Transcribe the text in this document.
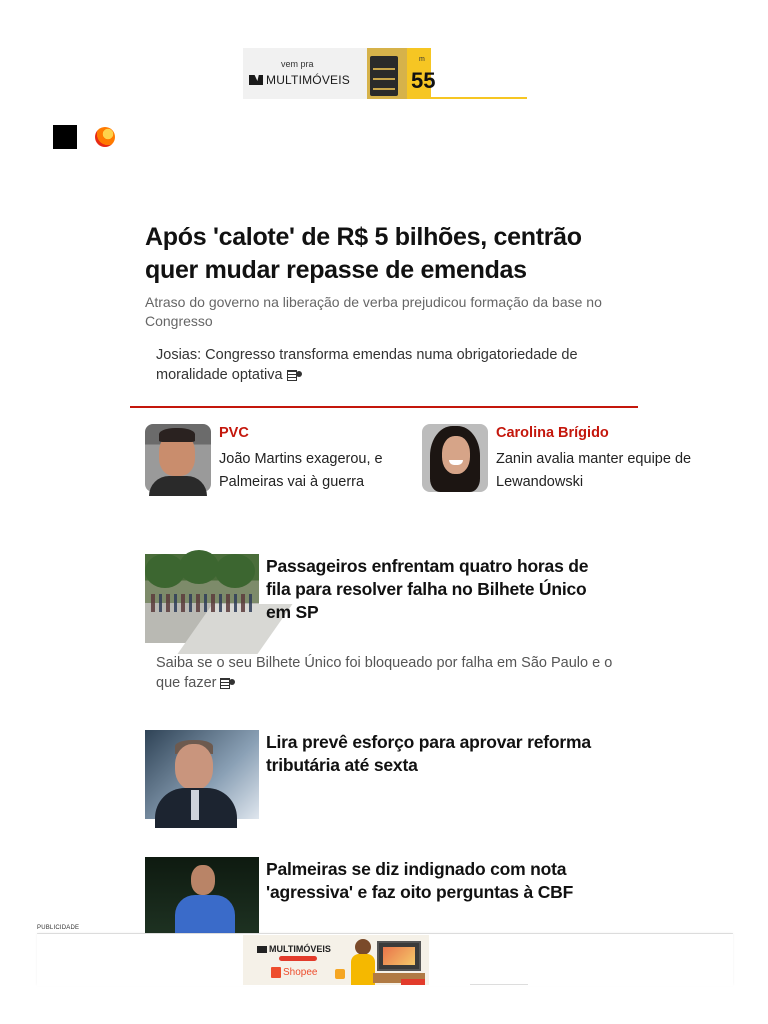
vem pra
MULTIMÓVEIS
m
55
Após 'calote' de R$ 5 bilhões, centrão quer mudar repasse de emendas

Atraso do governo na liberação de verba prejudicou formação da base no Congresso

Josias: Congresso transforma emendas numa obrigatoriedade de moralidade optativa

PVC
João Martins exagerou, e Palmeiras vai à guerra
Carolina Brígido
Zanin avalia manter equipe de Lewandowski
Passageiros enfrentam quatro horas de fila para resolver falha no Bilhete Único em SP

Saiba se o seu Bilhete Único foi bloqueado por falha em São Paulo e o que fazer

Lira prevê esforço para aprovar reforma tributária até sexta
Palmeiras se diz indignado com nota 'agressiva' e faz oito perguntas à CBF
PUBLICIDADE
MULTIMÓVEIS
Shopee
